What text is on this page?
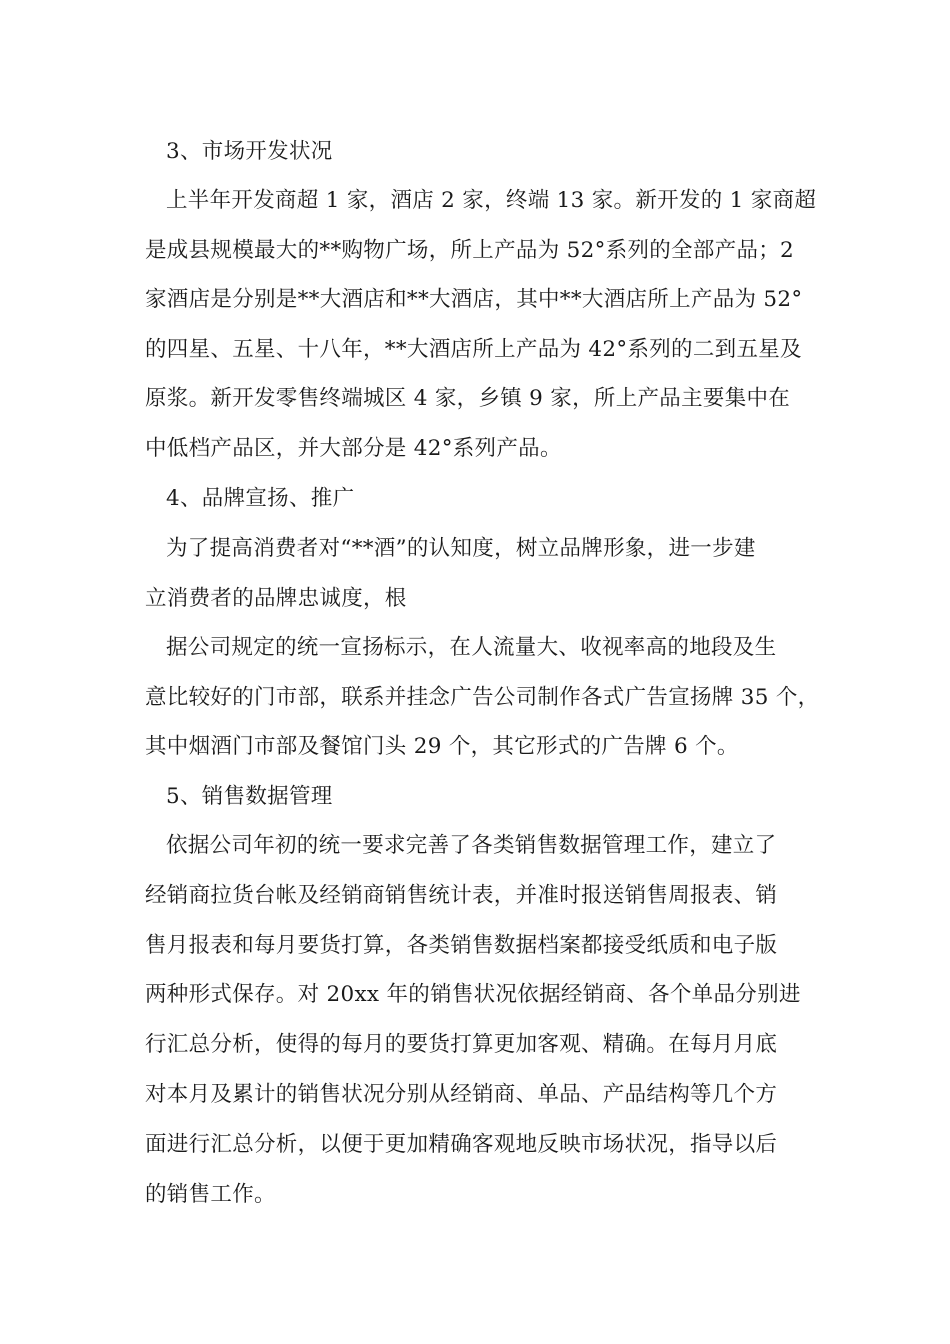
3、市场开发状况
上半年开发商超 1 家，酒店 2 家，终端 13 家。新开发的 1 家商超
是成县规模最大的**购物广场，所上产品为 52°系列的全部产品；2
家酒店是分别是**大酒店和**大酒店，其中**大酒店所上产品为 52°
的四星、五星、十八年，**大酒店所上产品为 42°系列的二到五星及
原浆。新开发零售终端城区 4 家，乡镇 9 家，所上产品主要集中在
中低档产品区，并大部分是 42°系列产品。
4、品牌宣扬、推广
为了提高消费者对“**酒”的认知度，树立品牌形象，进一步建
立消费者的品牌忠诚度，根
据公司规定的统一宣扬标示，在人流量大、收视率高的地段及生
意比较好的门市部，联系并挂念广告公司制作各式广告宣扬牌 35 个，
其中烟酒门市部及餐馆门头 29 个，其它形式的广告牌 6 个。
5、销售数据管理
依据公司年初的统一要求完善了各类销售数据管理工作，建立了
经销商拉货台帐及经销商销售统计表，并准时报送销售周报表、销
售月报表和每月要货打算，各类销售数据档案都接受纸质和电子版
两种形式保存。对 20xx 年的销售状况依据经销商、各个单品分别进
行汇总分析，使得的每月的要货打算更加客观、精确。在每月月底
对本月及累计的销售状况分别从经销商、单品、产品结构等几个方
面进行汇总分析，以便于更加精确客观地反映市场状况，指导以后
的销售工作。
